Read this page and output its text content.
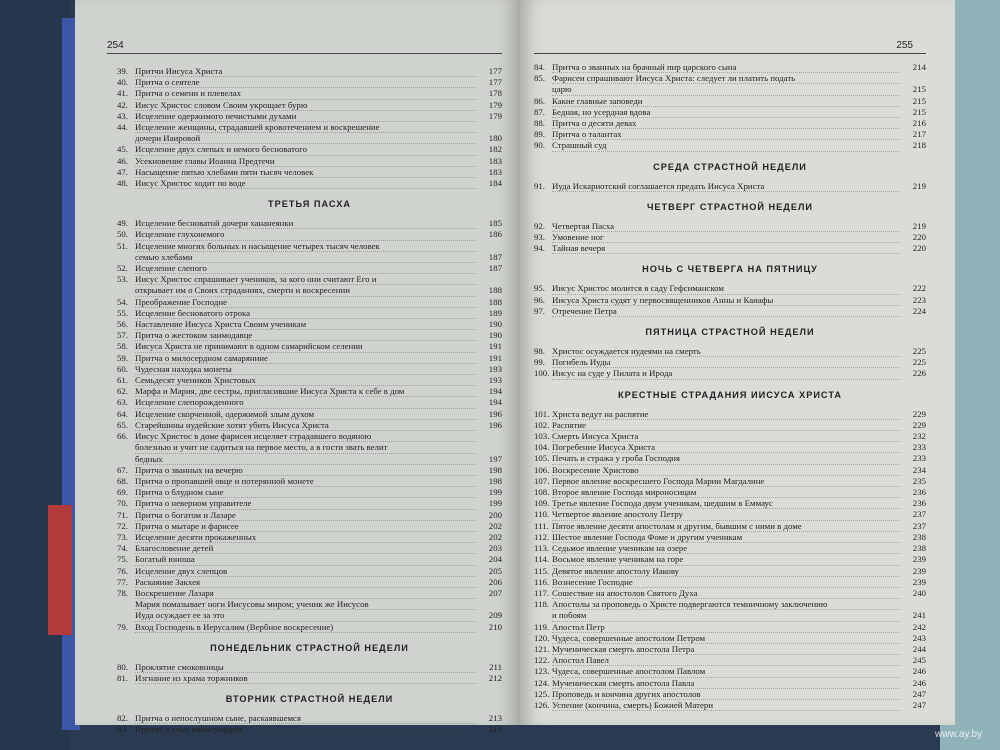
254
39. Притчи Иисуса Христа	177
40. Притча о сеятеле	177
41. Притча о семени и плевелах	178
42. Иисус Христос словом Своим укрощает бурю	179
43. Исцеление одержимого нечистыми духами	179
44. Исцеление женщины, страдавшей кровотечением и воскрешение
дочери Иаировой	180
45. Исцеление двух слепых и немого бесноватого	182
46. Усекновение главы Иоанна Предтечи	183
47. Насыщение пятью хлебами пяти тысяч человек	183
48. Иисус Христос ходит по воде	184
ТРЕТЬЯ ПАСХА
49. Исцеление бесноватой дочери хананеянки	185
50. Исцеление глухонемого	186
51. Исцеление многих больных и насыщение четырех тысяч человек
семью хлебами	187
52. Исцеление слепого	187
53. Иисус Христос спрашивает учеников, за кого они считают Его и
открывает им о Своих страданиях, смерти и воскресении	188
54. Преображение Господне	188
55. Исцеление бесноватого отрока	189
56. Наставление Иисуса Христа Своим ученикам	190
57. Притча о жестоком заимодавце	190
58. Иисуса Христа не принимают в одном самарийском селении	191
59. Притча о милосердном самарянине	191
60. Чудесная находка монеты	193
61. Семьдесят учеников Христовых	193
62. Марфа и Мария, две сестры, пригласившие Иисуса Христа к себе в дом	194
63. Исцеление слепорожденного	194
64. Исцеление скорченной, одержимой злым духом	196
65. Старейшины иудейские хотят убить Иисуса Христа	196
66. Иисус Христос в доме фарисея исцеляет страдавшего водяною
болезнью и учит не садиться на первое место, а в гости звать велит
бедных	197
67. Притча о званных на вечерю	198
68. Притча о пропавшей овце и потерянной монете	198
69. Притча о блудном сыне	199
70. Притча о неверном управителе	199
71. Притча о богатом и Лазаре	200
72. Притча о мытаре и фарисее	202
73. Исцеление десяти прокаженных	202
74. Благословение детей	203
75. Богатый юноша	204
76. Исцеление двух слепцов	205
77. Раскаяние Закхея	206
78. Воскрешение Лазаря	207
Мария помазывает ноги Иисусовы миром; ученик же Иисусов
Иуда осуждает ее за это	209
79. Вход Господень в Иерусалим (Вербное воскресение)	210
ПОНЕДЕЛЬНИК СТРАСТНОЙ НЕДЕЛИ
80. Проклятие смоковницы	211
81. Изгнание из храма торжников	212
ВТОРНИК СТРАСТНОЙ НЕДЕЛИ
82. Притча о непослушном сыне, раскаявшемся	213
83. Притча о злых виноградарях	213
255
84. Притча о званных на брачный пир царского сына	214
85. Фарисеи спрашивают Иисуса Христа: следует ли платить подать
царю	215
86. Какие главные заповеди	215
87. Бедная, но усердная вдова	215
88. Притча о десяти девах	216
89. Притча о талантах	217
90. Страшный суд	218
СРЕДА СТРАСТНОЙ НЕДЕЛИ
91. Иуда Искариотский соглашается предать Иисуса Христа	219
ЧЕТВЕРГ СТРАСТНОЙ НЕДЕЛИ
92. Четвертая Пасха	219
93. Умовение ног	220
94. Тайная вечеря	220
НОЧЬ С ЧЕТВЕРГА НА ПЯТНИЦУ
95. Иисус Христос молится в саду Гефсиманском	222
96. Иисуса Христа судят у первосвященников Анны и Каиафы	223
97. Отречение Петра	224
ПЯТНИЦА СТРАСТНОЙ НЕДЕЛИ
98. Христос осуждается иудеями на смерть	225
99. Погибель Иуды	225
100. Иисус на суде у Пилата и Ирода	226
КРЕСТНЫЕ СТРАДАНИЯ ИИСУСА ХРИСТА
101. Христа ведут на распятие	229
102. Распятие	229
103. Смерть Иисуса Христа	232
104. Погребение Иисуса Христа	233
105. Печать и стража у гроба Господня	233
106. Воскресение Христово	234
107. Первое явление воскресшего Господа Марии Магдалине	235
108. Второе явление Господа мироносицам	236
109. Третье явление Господа двум ученикам, шедшим в Еммаус	236
110. Четвертое явление апостолу Петру	237
111. Пятое явление десяти апостолам и другим, бывшим с ними в доме	237
112. Шестое явление Господа Фоме и другим ученикам	238
113. Седьмое явление ученикам на озере	238
114. Восьмое явление ученикам на горе	239
115. Девятое явление апостолу Иакову	239
116. Вознесение Господне	239
117. Сошествие на апостолов Святого Духа	240
118. Апостолы за проповедь о Христе подвергаются темничному заключению
и побоям	241
119. Апостол Петр	242
120. Чудеса, совершенные апостолом Петром	243
121. Мученическая смерть апостола Петра	244
122. Апостол Павел	245
123. Чудеса, совершенные апостолом Павлом	246
124. Мученическая смерть апостола Павла	246
125. Проповедь и кончина других апостолов	247
126. Успение (кончина, смерть) Божией Матери	247
www.ay.by
